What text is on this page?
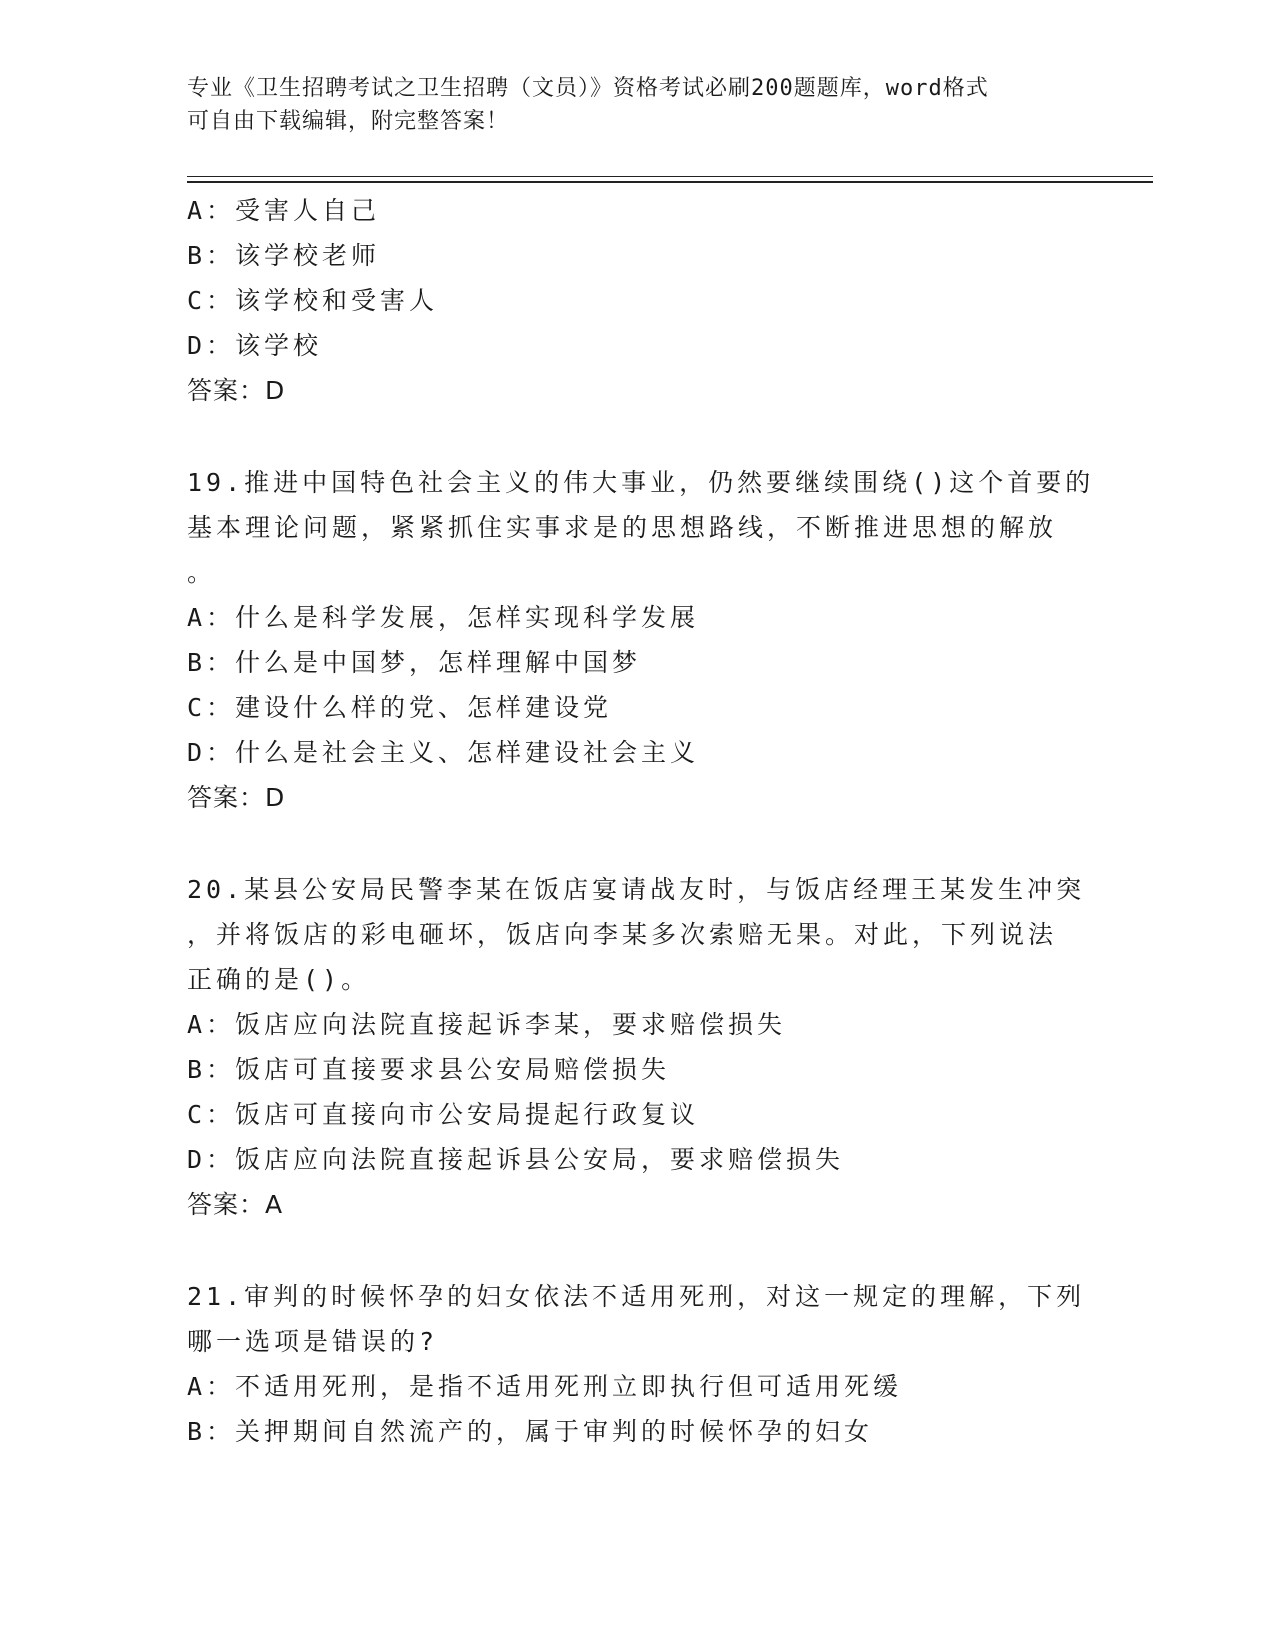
专业《卫生招聘考试之卫生招聘（文员）》资格考试必刷200题题库，word格式
可自由下载编辑，附完整答案！
A：受害人自己
B：该学校老师
C：该学校和受害人
D：该学校
答案：D
19.推进中国特色社会主义的伟大事业，仍然要继续围绕()这个首要的
基本理论问题，紧紧抓住实事求是的思想路线，不断推进思想的解放
。
A：什么是科学发展，怎样实现科学发展
B：什么是中国梦，怎样理解中国梦
C：建设什么样的党、怎样建设党
D：什么是社会主义、怎样建设社会主义
答案：D
20.某县公安局民警李某在饭店宴请战友时，与饭店经理王某发生冲突
，并将饭店的彩电砸坏，饭店向李某多次索赔无果。对此，下列说法
正确的是()。
A：饭店应向法院直接起诉李某，要求赔偿损失
B：饭店可直接要求县公安局赔偿损失
C：饭店可直接向市公安局提起行政复议
D：饭店应向法院直接起诉县公安局，要求赔偿损失
答案：A
21.审判的时候怀孕的妇女依法不适用死刑，对这一规定的理解，下列
哪一选项是错误的?
A：不适用死刑，是指不适用死刑立即执行但可适用死缓
B：关押期间自然流产的，属于审判的时候怀孕的妇女
